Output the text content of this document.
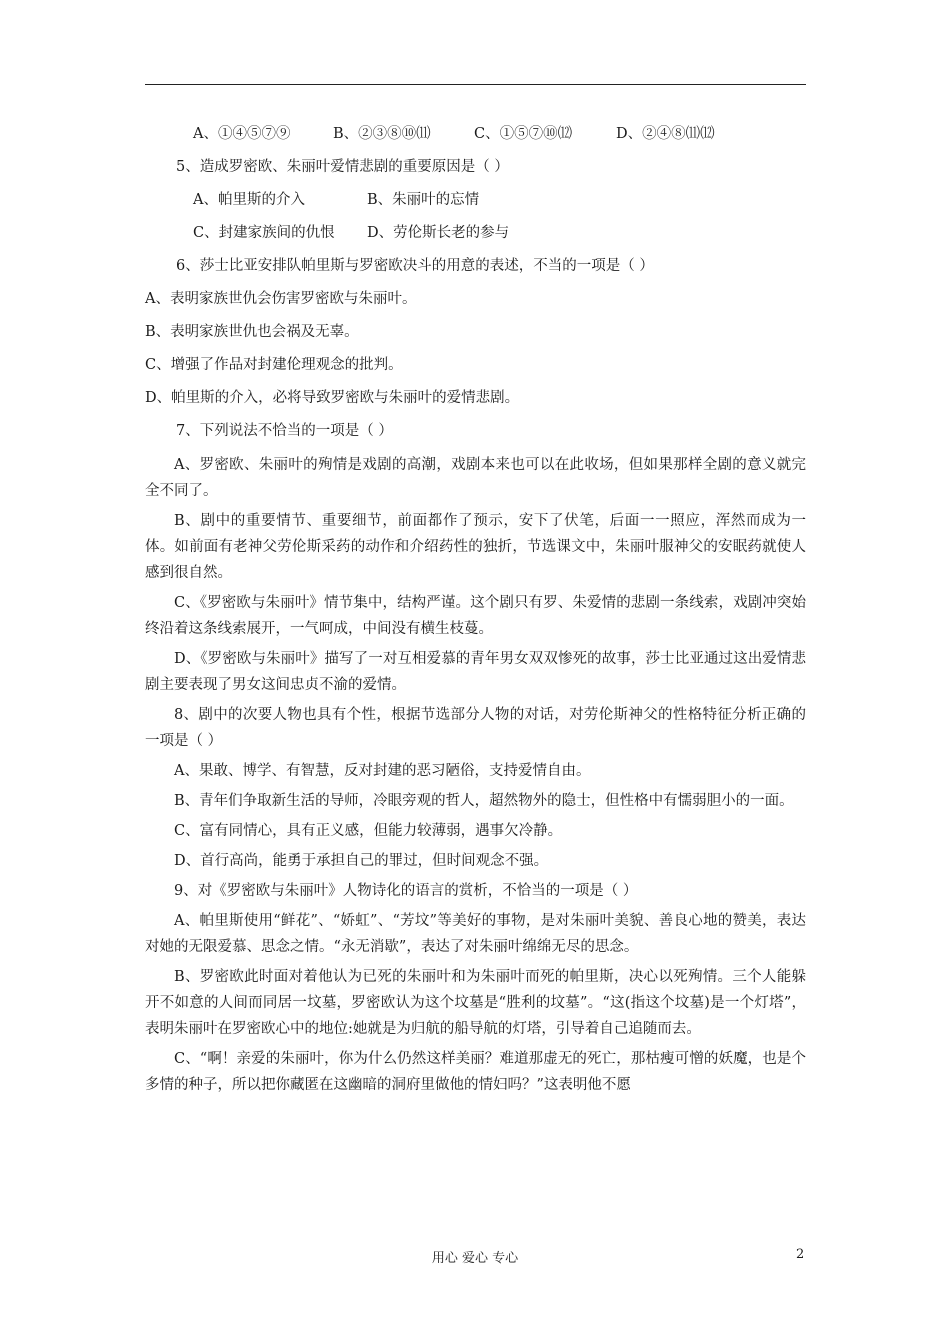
A、①④⑤⑦⑨	B、②③⑧⑩⑾	C、①⑤⑦⑩⑿	D、②④⑧⑾⑿
5、造成罗密欧、朱丽叶爱情悲剧的重要原因是（ ）
A、帕里斯的介入	B、朱丽叶的忘情
C、封建家族间的仇恨 D、劳伦斯长老的参与
6、莎士比亚安排队帕里斯与罗密欧决斗的用意的表述，不当的一项是（ ）
A、表明家族世仇会伤害罗密欧与朱丽叶。
B、表明家族世仇也会祸及无辜。
C、增强了作品对封建伦理观念的批判。
D、帕里斯的介入，必将导致罗密欧与朱丽叶的爱情悲剧。
7、下列说法不恰当的一项是（ ）

A、罗密欧、朱丽叶的殉情是戏剧的高潮，戏剧本来也可以在此收场，但如果那样全剧的意义就完全不同了。

B、剧中的重要情节、重要细节，前面都作了预示，安下了伏笔，后面一一照应，浑然而成为一体。如前面有老神父劳伦斯采药的动作和介绍药性的独折，节选课文中，朱丽叶服神父的安眠药就使人感到很自然。

C、《罗密欧与朱丽叶》情节集中，结构严谨。这个剧只有罗、朱爱情的悲剧一条线索，戏剧冲突始终沿着这条线索展开，一气呵成，中间没有横生枝蔓。

D、《罗密欧与朱丽叶》描写了一对互相爱慕的青年男女双双惨死的故事，莎士比亚通过这出爱情悲剧主要表现了男女这间忠贞不渝的爱情。

8、剧中的次要人物也具有个性，根据节选部分人物的对话，对劳伦斯神父的性格特征分析正确的一项是（ ）

A、果敢、博学、有智慧，反对封建的恶习陋俗，支持爱情自由。

B、青年们争取新生活的导师，冷眼旁观的哲人，超然物外的隐士，但性格中有懦弱胆小的一面。

C、富有同情心，具有正义感，但能力较薄弱，遇事欠冷静。

D、首行高尚，能勇于承担自己的罪过，但时间观念不强。

9、对《罗密欧与朱丽叶》人物诗化的语言的赏析，不恰当的一项是（ ）

A、帕里斯使用“鲜花”、“娇虹”、“芳坟”等美好的事物，是对朱丽叶美貌、善良心地的赞美，表达对她的无限爱慕、思念之情。“永无消歇”，表达了对朱丽叶绵绵无尽的思念。

B、罗密欧此时面对着他认为已死的朱丽叶和为朱丽叶而死的帕里斯，决心以死殉情。三个人能躲开不如意的人间而同居一坟墓，罗密欧认为这个坟墓是“胜利的坟墓”。“这(指这个坟墓)是一个灯塔”，表明朱丽叶在罗密欧心中的地位:她就是为归航的船导航的灯塔，引导着自己追随而去。

C、“啊！亲爱的朱丽叶，你为什么仍然这样美丽？难道那虚无的死亡，那枯瘦可憎的妖魔，也是个多情的种子，所以把你藏匿在这幽暗的洞府里做他的情妇吗？”这表明他不愿

用心 爱心 专心	2
